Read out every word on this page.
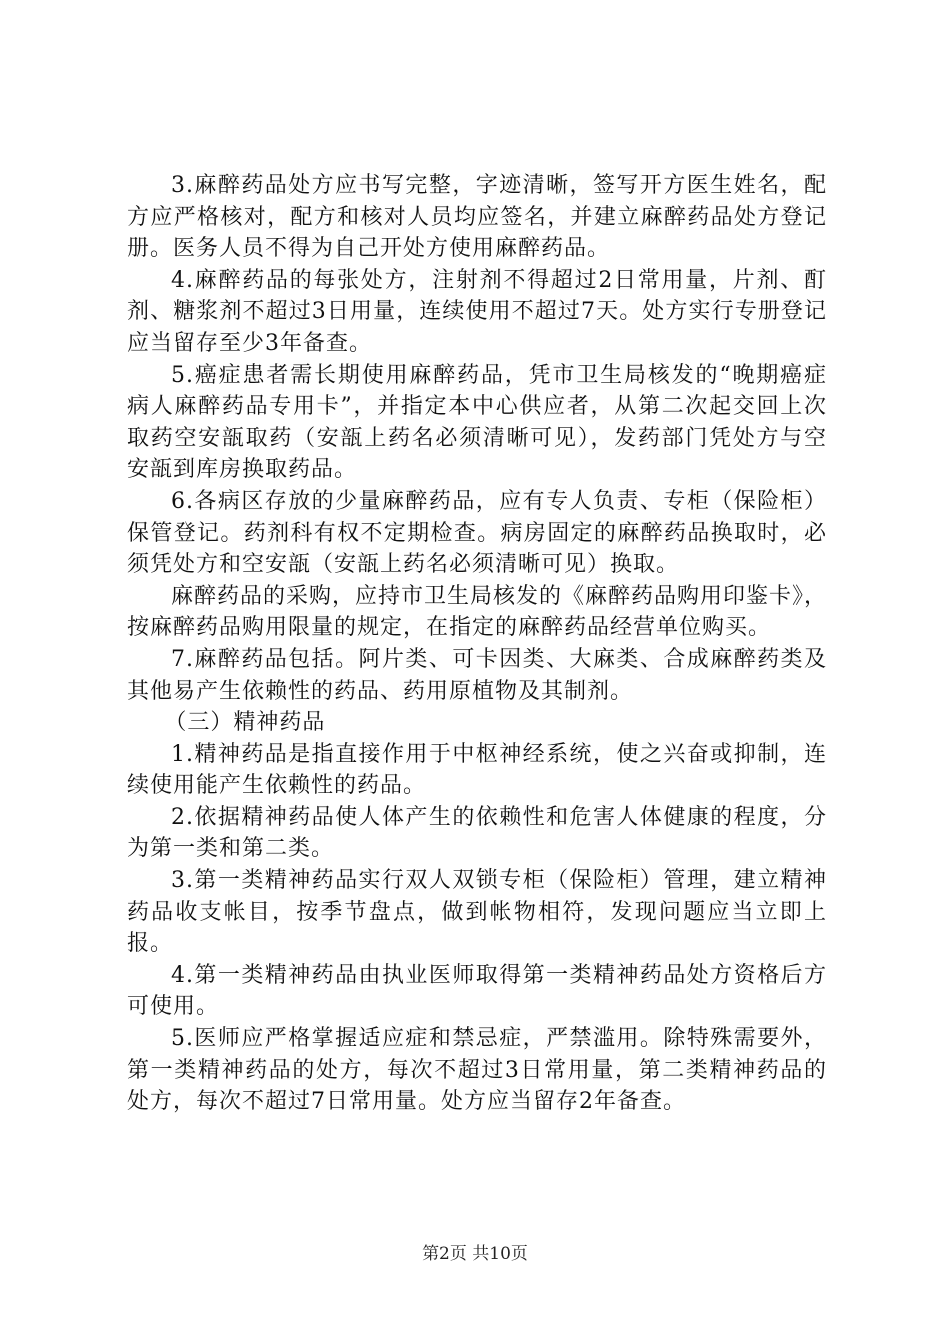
3.麻醉药品处方应书写完整，字迹清晰，签写开方医生姓名，配方应严格核对，配方和核对人员均应签名，并建立麻醉药品处方登记册。医务人员不得为自己开处方使用麻醉药品。

4.麻醉药品的每张处方，注射剂不得超过2日常用量，片剂、酊剂、糖浆剂不超过3日用量，连续使用不超过7天。处方实行专册登记应当留存至少3年备查。

5.癌症患者需长期使用麻醉药品，凭市卫生局核发的“晚期癌症病人麻醉药品专用卡”，并指定本中心供应者，从第二次起交回上次取药空安瓿取药（安瓿上药名必须清晰可见），发药部门凭处方与空安瓿到库房换取药品。

6.各病区存放的少量麻醉药品，应有专人负责、专柜（保险柜）保管登记。药剂科有权不定期检查。病房固定的麻醉药品换取时，必须凭处方和空安瓿（安瓿上药名必须清晰可见）换取。

麻醉药品的采购，应持市卫生局核发的《麻醉药品购用印鉴卡》，按麻醉药品购用限量的规定，在指定的麻醉药品经营单位购买。

7.麻醉药品包括。阿片类、可卡因类、大麻类、合成麻醉药类及其他易产生依赖性的药品、药用原植物及其制剂。

（三）精神药品

1.精神药品是指直接作用于中枢神经系统，使之兴奋或抑制，连续使用能产生依赖性的药品。

2.依据精神药品使人体产生的依赖性和危害人体健康的程度，分为第一类和第二类。

3.第一类精神药品实行双人双锁专柜（保险柜）管理，建立精神药品收支帐目，按季节盘点，做到帐物相符，发现问题应当立即上报。

4.第一类精神药品由执业医师取得第一类精神药品处方资格后方可使用。

5.医师应严格掌握适应症和禁忌症，严禁滥用。除特殊需要外，第一类精神药品的处方，每次不超过3日常用量，第二类精神药品的处方，每次不超过7日常用量。处方应当留存2年备查。

第2页 共10页
